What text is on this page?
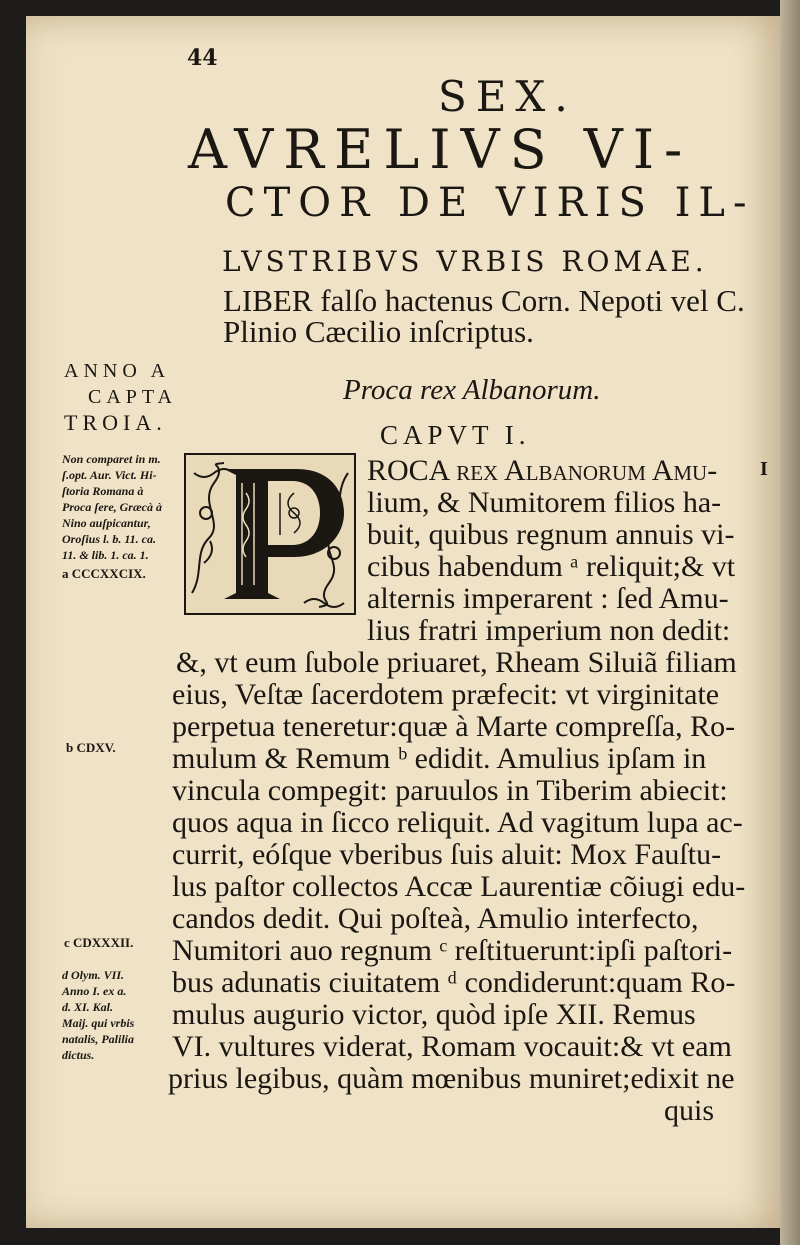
44
SEX.
AVRELIVS VI-
CTOR DE VIRIS IL-
LVSTRIBVS VRBIS ROMAE.
LIBER falſo hactenus Corn. Nepoti vel C.
Plinio Cæcilio inſcriptus.
ANNO A
CAPTA
TROIA.
Non comparet in m.
ſ.opt. Aur. Vict. Hi-
ſtoria Romana à
Proca ſere, Græcà à
Nino auſpicantur,
Oroſius l. b. 11. ca.
11. & lib. 1. ca. 1.
a CCCXXCIX.
b CDXV.
c CDXXXII.
d Olym. VII.
Anno I. ex a.
d. XI. Kal.
Maij. qui vrbis
natalis, Palilia
dictus.
Proca rex Albanorum.
CAPVT I.
ROCA rex Albanorum Amu-
lium, & Numitorem filios ha-
buit, quibus regnum annuis vi-
cibus habendum ᵃ reliquit;& vt
alternis imperarent : ſed Amu-
lius fratri imperium non dedit:
I
&, vt eum ſubole priuaret, Rheam Siluiã filiam
eius, Veſtæ ſacerdotem præfecit: vt virginitate
perpetua teneretur:quæ à Marte compreſſa, Ro-
mulum & Remum ᵇ edidit. Amulius ipſam in
vincula compegit: paruulos in Tiberim abiecit:
quos aqua in ſicco reliquit. Ad vagitum lupa ac-
currit, eóſque vberibus ſuis aluit: Mox Fauſtu-
lus paſtor collectos Accæ Laurentiæ cõiugi edu-
candos dedit. Qui poſteà, Amulio interfecto,
Numitori auo regnum ᶜ reſtituerunt:ipſi paſtori-
bus adunatis ciuitatem ᵈ condiderunt:quam Ro-
mulus augurio victor, quòd ipſe XII. Remus
VI. vultures viderat, Romam vocauit:& vt eam
prius legibus, quàm mœnibus muniret;edixit ne
quis
